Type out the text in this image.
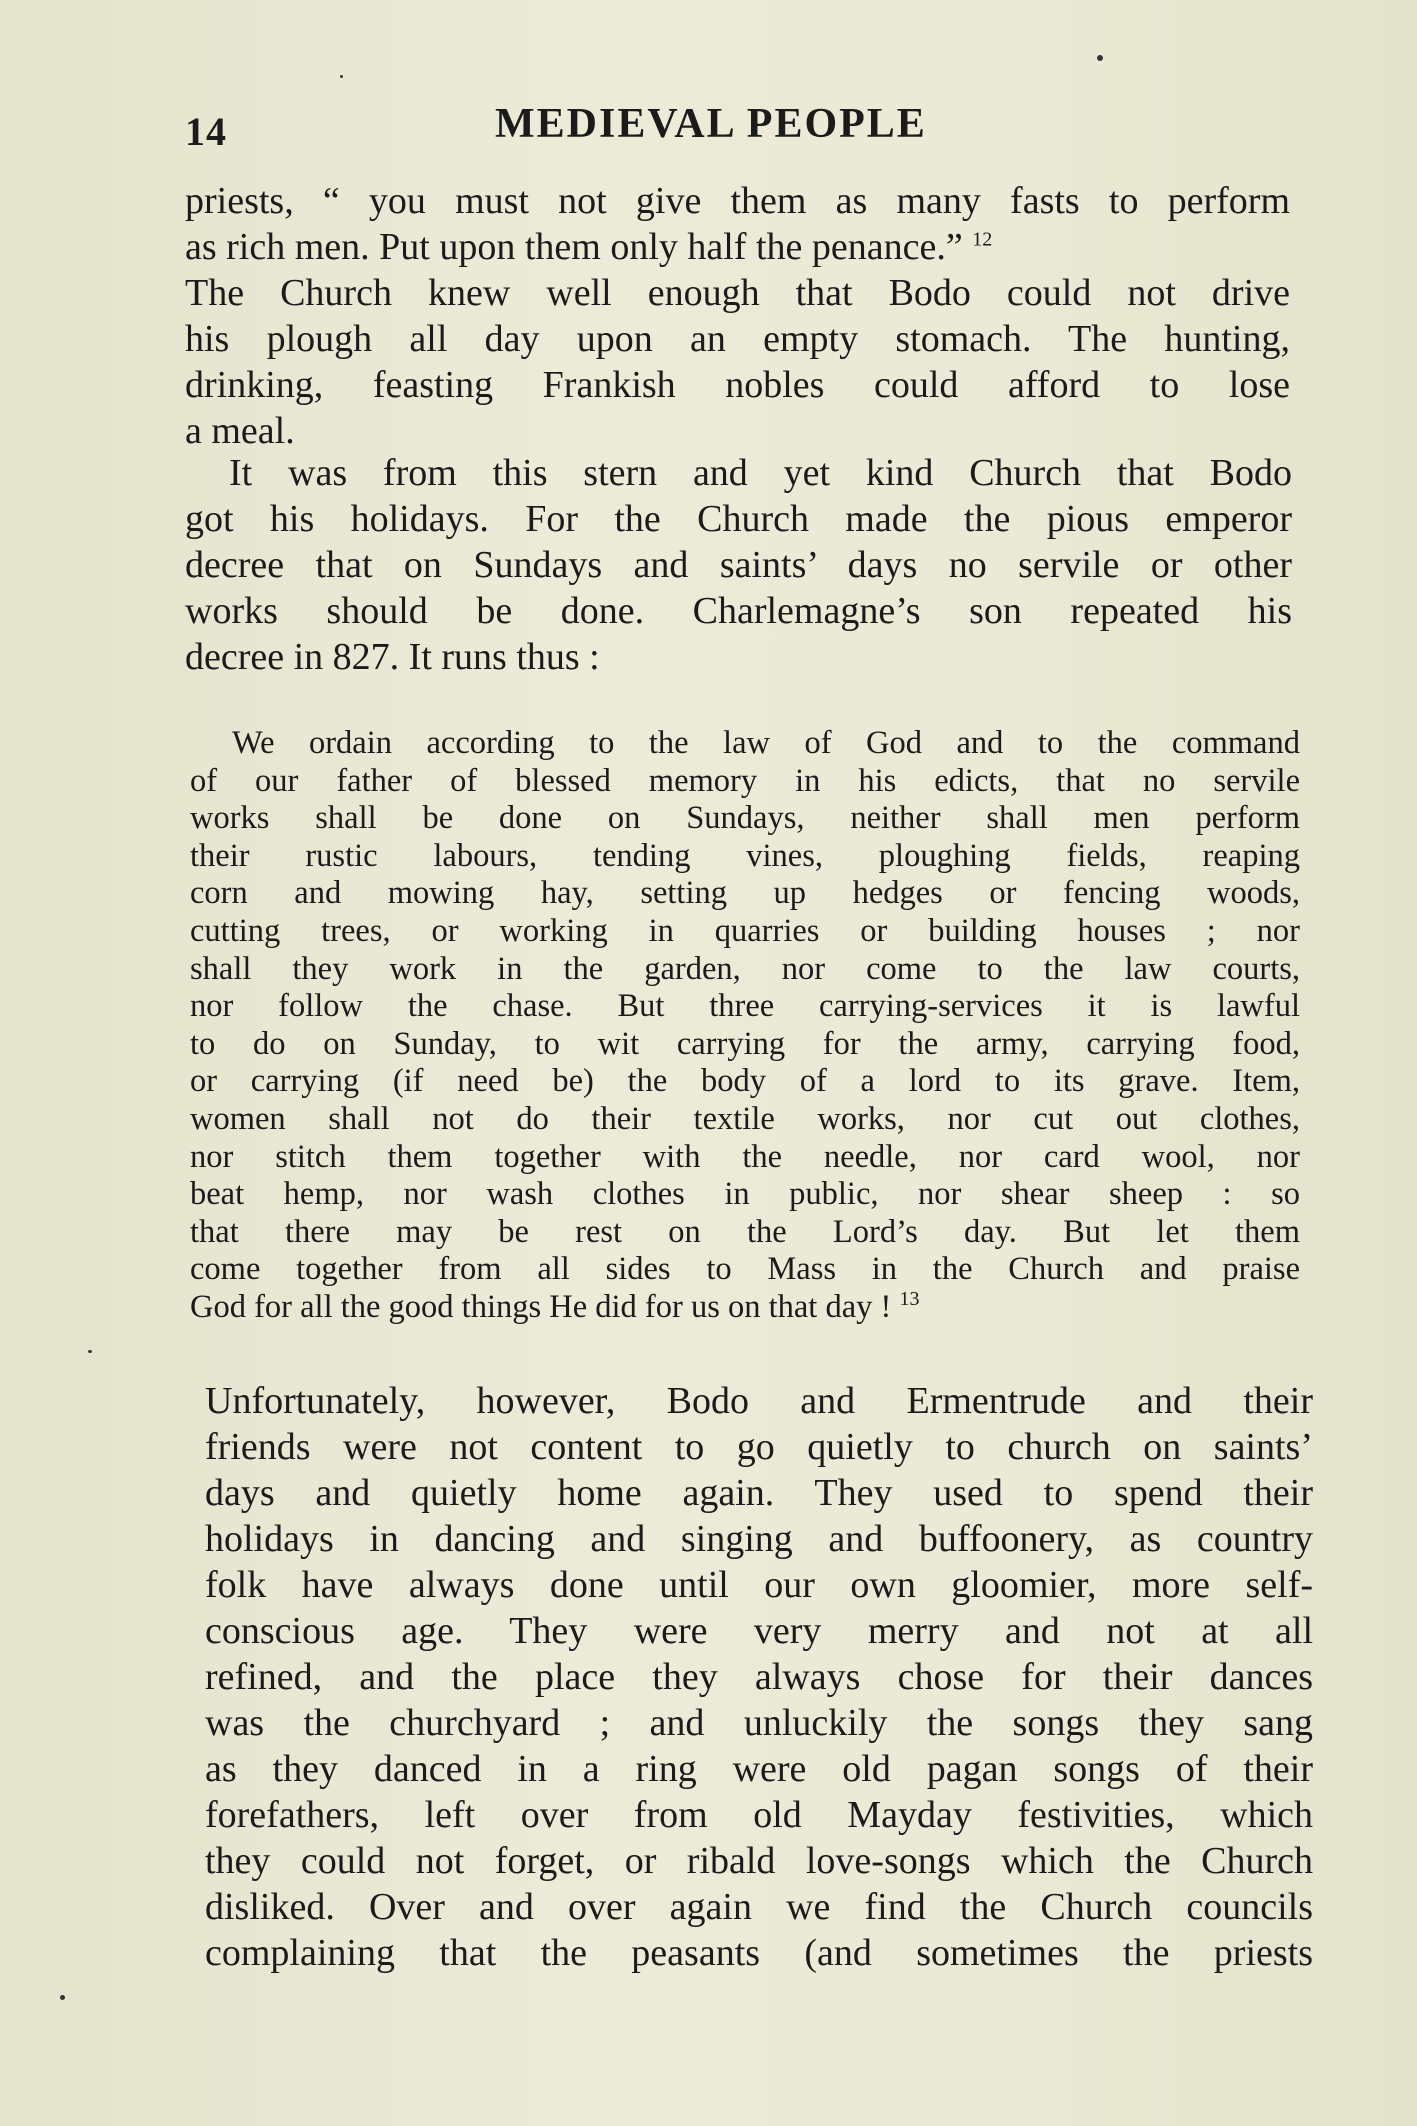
14	MEDIEVAL PEOPLE
priests, “ you must not give them as many fasts to perform
as rich men. Put upon them only half the penance.” $^{12}$
The Church knew well enough that Bodo could not drive
his plough all day upon an empty stomach. The hunting,
drinking, feasting Frankish nobles could afford to lose
a meal.
It was from this stern and yet kind Church that Bodo
got his holidays. For the Church made the pious emperor
decree that on Sundays and saints’ days no servile or other
works should be done. Charlemagne’s son repeated his
decree in 827. It runs thus :
We ordain according to the law of God and to the command
of our father of blessed memory in his edicts, that no servile
works shall be done on Sundays, neither shall men perform
their rustic labours, tending vines, ploughing fields, reaping
corn and mowing hay, setting up hedges or fencing woods,
cutting trees, or working in quarries or building houses ; nor
shall they work in the garden, nor come to the law courts,
nor follow the chase. But three carrying-services it is lawful
to do on Sunday, to wit carrying for the army, carrying food,
or carrying (if need be) the body of a lord to its grave. Item,
women shall not do their textile works, nor cut out clothes,
nor stitch them together with the needle, nor card wool, nor
beat hemp, nor wash clothes in public, nor shear sheep : so
that there may be rest on the Lord’s day. But let them
come together from all sides to Mass in the Church and praise
God for all the good things He did for us on that day ! $^{13}$
Unfortunately, however, Bodo and Ermentrude and their
friends were not content to go quietly to church on saints’
days and quietly home again. They used to spend their
holidays in dancing and singing and buffoonery, as country
folk have always done until our own gloomier, more self-
conscious age. They were very merry and not at all
refined, and the place they always chose for their dances
was the churchyard ; and unluckily the songs they sang
as they danced in a ring were old pagan songs of their
forefathers, left over from old Mayday festivities, which
they could not forget, or ribald love-songs which the Church
disliked. Over and over again we find the Church councils
complaining that the peasants (and sometimes the priests
